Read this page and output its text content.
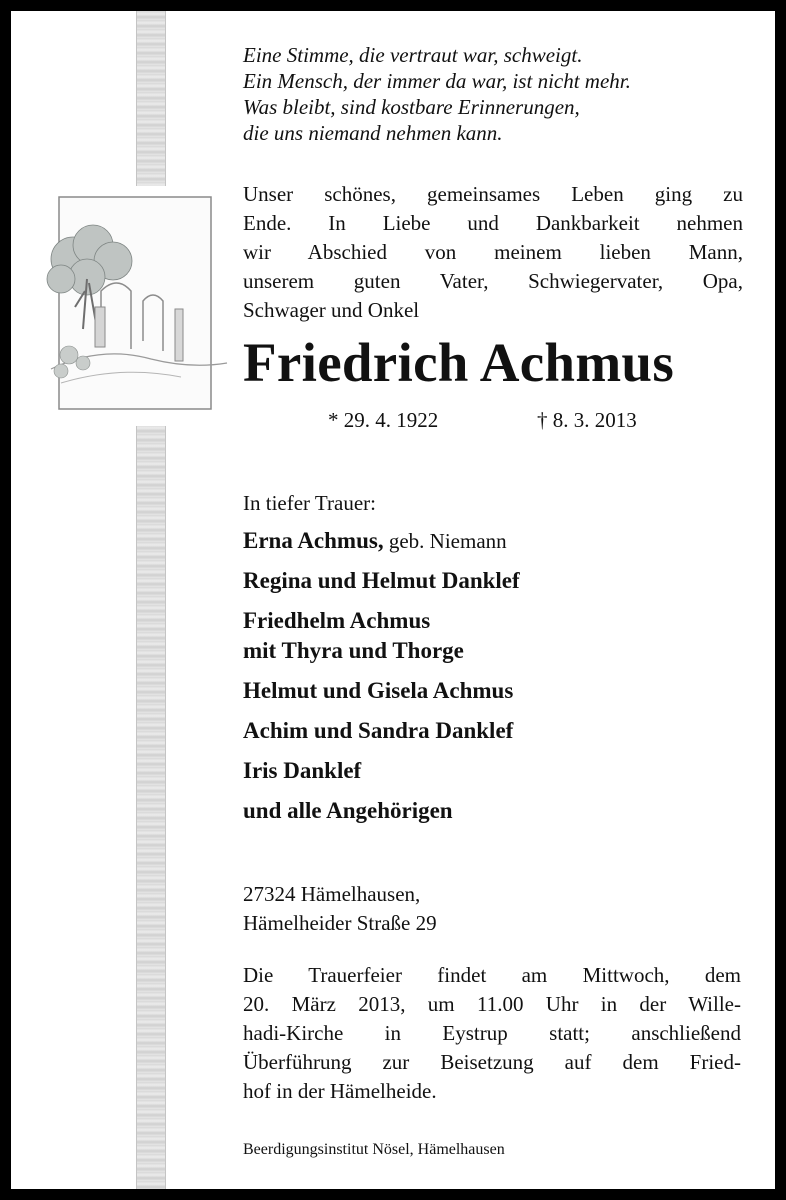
Eine Stimme, die vertraut war, schweigt.
Ein Mensch, der immer da war, ist nicht mehr.
Was bleibt, sind kostbare Erinnerungen,
die uns niemand nehmen kann.
Unser schönes, gemeinsames Leben ging zu
Ende. In Liebe und Dankbarkeit nehmen
wir Abschied von meinem lieben Mann,
unserem guten Vater, Schwiegervater, Opa,
Schwager und Onkel
Friedrich Achmus
* 29. 4. 1922	† 8. 3. 2013
In tiefer Trauer:
Erna Achmus, geb. Niemann
Regina und Helmut Danklef
Friedhelm Achmus
mit Thyra und Thorge
Helmut und Gisela Achmus
Achim und Sandra Danklef
Iris Danklef
und alle Angehörigen
27324 Hämelhausen,
Hämelheider Straße 29
Die Trauerfeier findet am Mittwoch, dem
20. März 2013, um 11.00 Uhr in der Wille-
hadi-Kirche in Eystrup statt; anschließend
Überführung zur Beisetzung auf dem Fried-
hof in der Hämelheide.
Beerdigungsinstitut Nösel, Hämelhausen
